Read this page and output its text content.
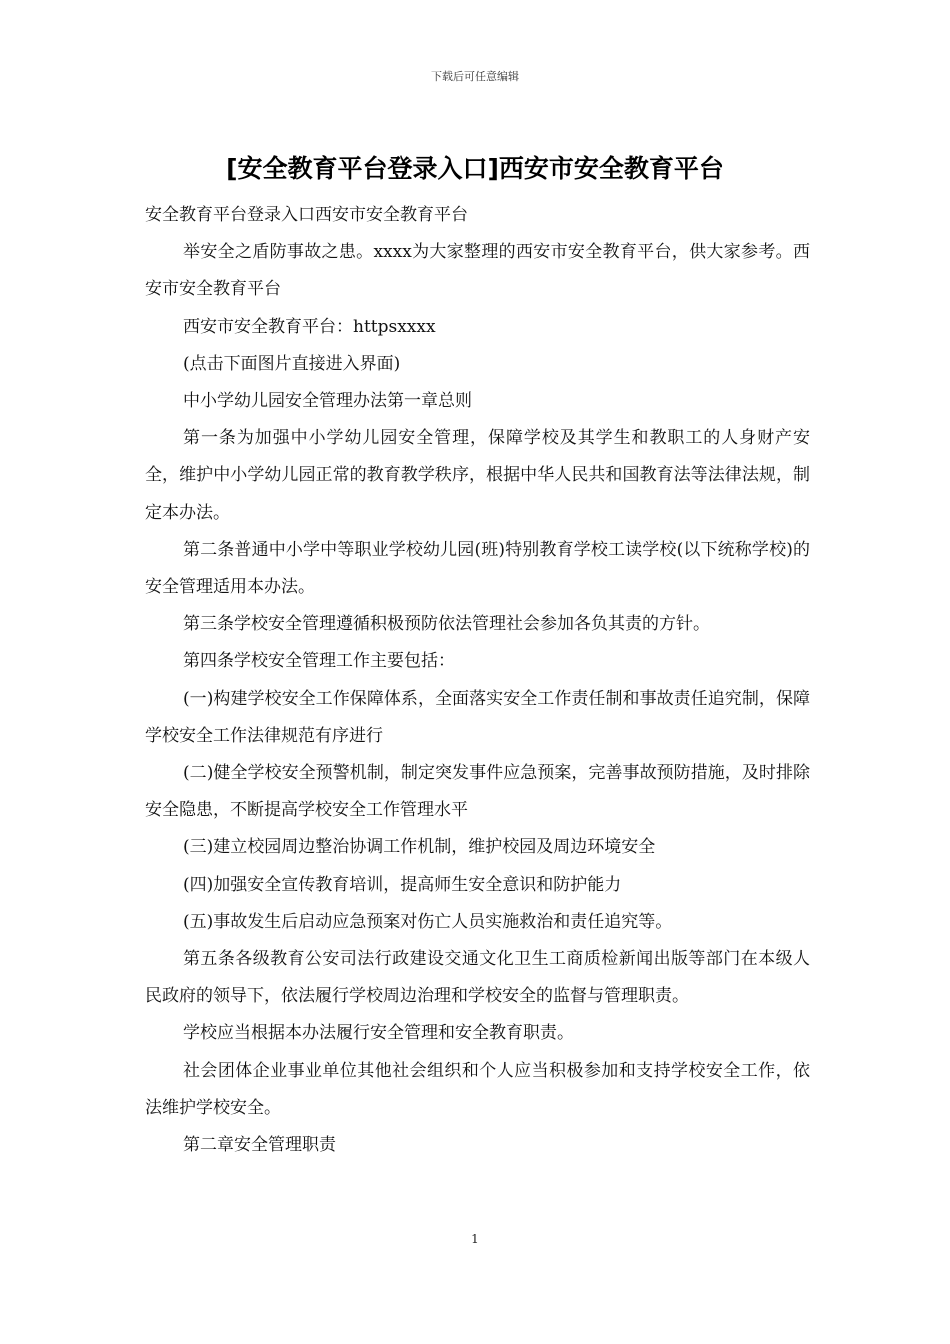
下载后可任意编辑
[安全教育平台登录入口]西安市安全教育平台

安全教育平台登录入口西安市安全教育平台

举安全之盾防事故之患。xxxx为大家整理的西安市安全教育平台，供大家参考。西安市安全教育平台

西安市安全教育平台：httpsxxxx

(点击下面图片直接进入界面)

中小学幼儿园安全管理办法第一章总则

第一条为加强中小学幼儿园安全管理，保障学校及其学生和教职工的人身财产安全，维护中小学幼儿园正常的教育教学秩序，根据中华人民共和国教育法等法律法规，制定本办法。

第二条普通中小学中等职业学校幼儿园(班)特别教育学校工读学校(以下统称学校)的安全管理适用本办法。

第三条学校安全管理遵循积极预防依法管理社会参加各负其责的方针。

第四条学校安全管理工作主要包括：

(一)构建学校安全工作保障体系，全面落实安全工作责任制和事故责任追究制，保障学校安全工作法律规范有序进行

(二)健全学校安全预警机制，制定突发事件应急预案，完善事故预防措施，及时排除安全隐患，不断提高学校安全工作管理水平

(三)建立校园周边整治协调工作机制，维护校园及周边环境安全

(四)加强安全宣传教育培训，提高师生安全意识和防护能力

(五)事故发生后启动应急预案对伤亡人员实施救治和责任追究等。

第五条各级教育公安司法行政建设交通文化卫生工商质检新闻出版等部门在本级人民政府的领导下，依法履行学校周边治理和学校安全的监督与管理职责。

学校应当根据本办法履行安全管理和安全教育职责。

社会团体企业事业单位其他社会组织和个人应当积极参加和支持学校安全工作，依法维护学校安全。

第二章安全管理职责

1
